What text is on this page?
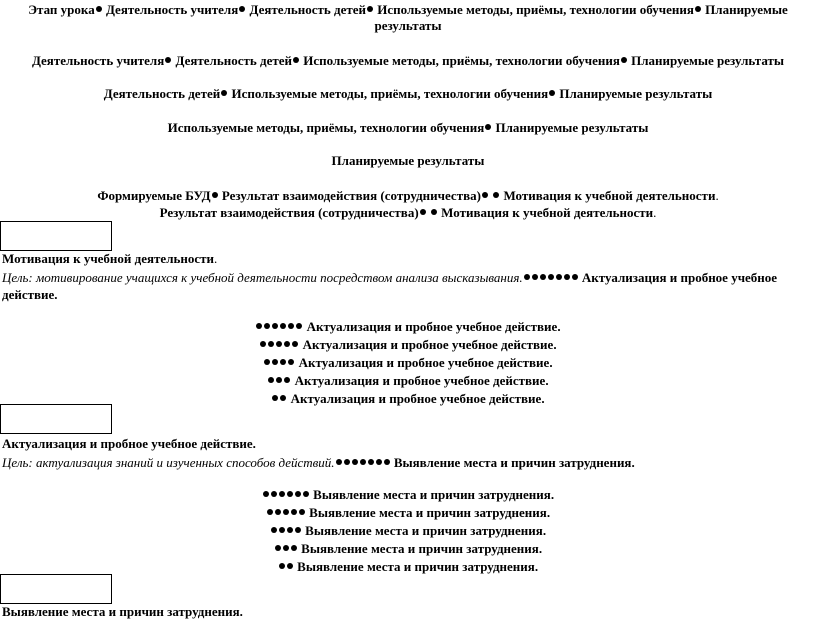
Этап урока Деятельность учителя Деятельность детей Используемые методы, приёмы, технологии обучения Планируемые
результаты
Деятельность учителя Деятельность детей Используемые методы, приёмы, технологии обучения Планируемые результаты
Деятельность детей Используемые методы, приёмы, технологии обучения Планируемые результаты
Используемые методы, приёмы, технологии обучения Планируемые результаты
Планируемые результаты
Формируемые БУД Результат взаимодействия (сотрудничества) Мотивация к учебной деятельности.
Результат взаимодействия (сотрудничества) Мотивация к учебной деятельности.
Мотивация к учебной деятельности.
Цель: мотивирование учащихся к учебной деятельности посредством анализа высказывания.	Актуализация и пробное учебное
действие.
Актуализация и пробное учебное действие.
Актуализация и пробное учебное действие.
Актуализация и пробное учебное действие.
Актуализация и пробное учебное действие.
Актуализация и пробное учебное действие.
Актуализация и пробное учебное действие.
Цель: актуализация знаний и изученных способов действий.	Выявление места и причин затруднения.
Выявление места и причин затруднения.
Выявление места и причин затруднения.
Выявление места и причин затруднения.
Выявление места и причин затруднения.
Выявление места и причин затруднения.
Выявление места и причин затруднения.
